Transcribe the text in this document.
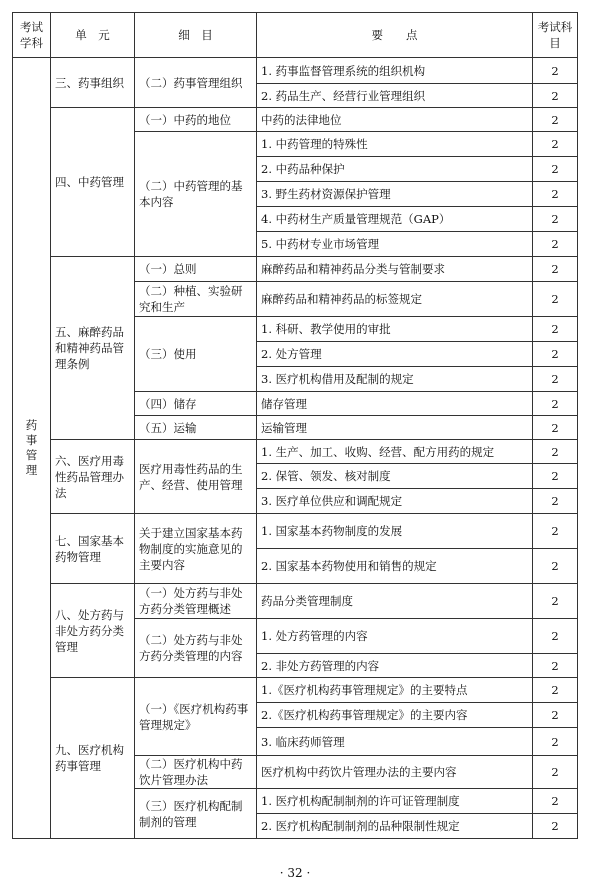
考试学科	单　元	细　目	要　　点	考试科目
药事管理	三、药事组织	（二）药事管理组织	1. 药事监督管理系统的组织机构	2
			2. 药品生产、经营行业管理组织	2
	四、中药管理	（一）中药的地位	中药的法律地位	2
		（二）中药管理的基本内容	1. 中药管理的特殊性	2
			2. 中药品种保护	2
			3. 野生药材资源保护管理	2
			4. 中药材生产质量管理规范（GAP）	2
			5. 中药材专业市场管理	2
	五、麻醉药品和精神药品管理条例	（一）总则	麻醉药品和精神药品分类与管制要求	2
		（二）种植、实验研究和生产	麻醉药品和精神药品的标签规定	2
		（三）使用	1. 科研、教学使用的审批	2
			2. 处方管理	2
			3. 医疗机构借用及配制的规定	2
		（四）储存	储存管理	2
		（五）运输	运输管理	2
	六、医疗用毒性药品管理办法	医疗用毒性药品的生产、经营、使用管理	1. 生产、加工、收购、经营、配方用药的规定	2
			2. 保管、领发、核对制度	2
			3. 医疗单位供应和调配规定	2
	七、国家基本药物管理	关于建立国家基本药物制度的实施意见的主要内容	1. 国家基本药物制度的发展	2
			2. 国家基本药物使用和销售的规定	2
	八、处方药与非处方药分类管理	（一）处方药与非处方药分类管理概述	药品分类管理制度	2
		（二）处方药与非处方药分类管理的内容	1. 处方药管理的内容	2
			2. 非处方药管理的内容	2
	九、医疗机构药事管理	（一）《医疗机构药事管理规定》	1.《医疗机构药事管理规定》的主要特点	2
			2.《医疗机构药事管理规定》的主要内容	2
			3. 临床药师管理	2
		（二）医疗机构中药饮片管理办法	医疗机构中药饮片管理办法的主要内容	2
		（三）医疗机构配制制剂的管理	1. 医疗机构配制制剂的许可证管理制度	2
			2. 医疗机构配制制剂的品种限制性规定	2
· 32 ·
